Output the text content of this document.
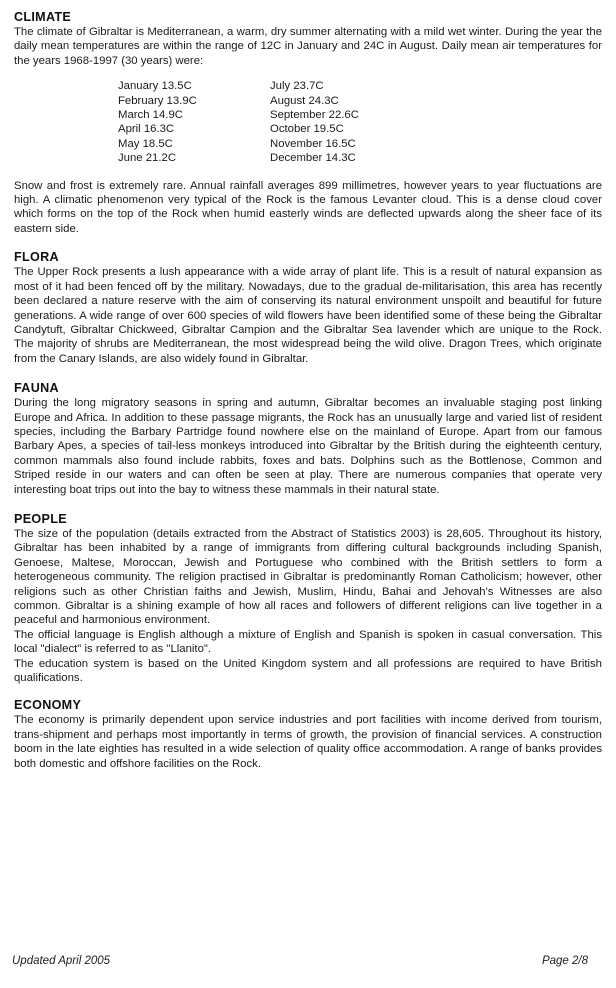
CLIMATE

The climate of Gibraltar is Mediterranean, a warm, dry summer alternating with a mild wet winter. During the year the daily mean temperatures are within the range of 12C in January and 24C in August. Daily mean air temperatures for the years 1968-1997 (30 years) were:

January 13.5C
February 13.9C
March 14.9C
April 16.3C
May 18.5C
June 21.2C
July 23.7C
August 24.3C
September 22.6C
October 19.5C
November 16.5C
December 14.3C

Snow and frost is extremely rare. Annual rainfall averages 899 millimetres, however years to year fluctuations are high. A climatic phenomenon very typical of the Rock is the famous Levanter cloud. This is a dense cloud cover which forms on the top of the Rock when humid easterly winds are deflected upwards along the sheer face of its eastern side.

FLORA

The Upper Rock presents a lush appearance with a wide array of plant life. This is a result of natural expansion as most of it had been fenced off by the military. Nowadays, due to the gradual de-militarisation, this area has recently been declared a nature reserve with the aim of conserving its natural environment unspoilt and beautiful for future generations. A wide range of over 600 species of wild flowers have been identified some of these being the Gibraltar Candytuft, Gibraltar Chickweed, Gibraltar Campion and the Gibraltar Sea lavender which are unique to the Rock. The majority of shrubs are Mediterranean, the most widespread being the wild olive. Dragon Trees, which originate from the Canary Islands, are also widely found in Gibraltar.

FAUNA

During the long migratory seasons in spring and autumn, Gibraltar becomes an invaluable staging post linking Europe and Africa. In addition to these passage migrants, the Rock has an unusually large and varied list of resident species, including the Barbary Partridge found nowhere else on the mainland of Europe. Apart from our famous Barbary Apes, a species of tail-less monkeys introduced into Gibraltar by the British during the eighteenth century, common mammals also found include rabbits, foxes and bats. Dolphins such as the Bottlenose, Common and Striped reside in our waters and can often be seen at play. There are numerous companies that operate very interesting boat trips out into the bay to witness these mammals in their natural state.

PEOPLE

The size of the population (details extracted from the Abstract of Statistics 2003) is 28,605. Throughout its history, Gibraltar has been inhabited by a range of immigrants from differing cultural backgrounds including Spanish, Genoese, Maltese, Moroccan, Jewish and Portuguese who combined with the British settlers to form a heterogeneous community. The religion practised in Gibraltar is predominantly Roman Catholicism; however, other religions such as other Christian faiths and Jewish, Muslim, Hindu, Bahai and Jehovah's Witnesses are also common. Gibraltar is a shining example of how all races and followers of different religions can live together in a peaceful and harmonious environment.

The official language is English although a mixture of English and Spanish is spoken in casual conversation. This local "dialect" is referred to as "Llanito".

The education system is based on the United Kingdom system and all professions are required to have British qualifications.

ECONOMY

The economy is primarily dependent upon service industries and port facilities with income derived from tourism, trans-shipment and perhaps most importantly in terms of growth, the provision of financial services. A construction boom in the late eighties has resulted in a wide selection of quality office accommodation. A range of banks provides both domestic and offshore facilities on the Rock.

Updated April 2005	Page 2/8
